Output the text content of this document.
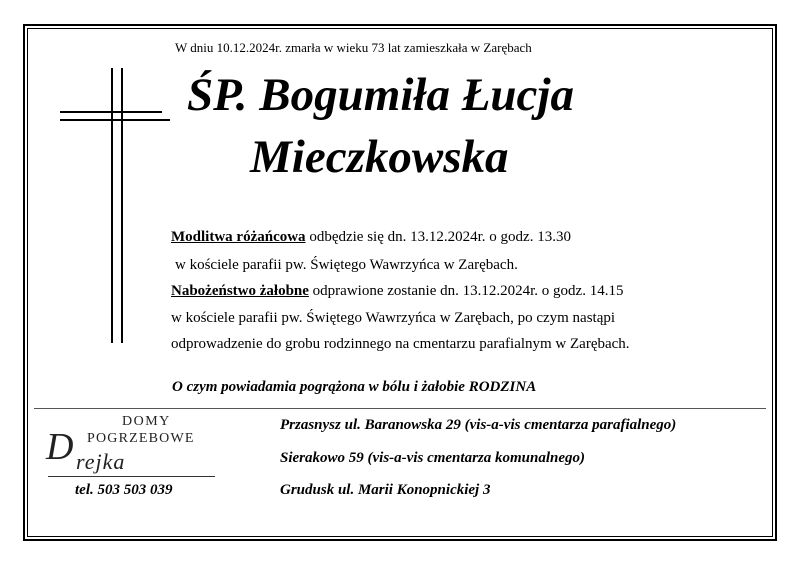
W dniu 10.12.2024r. zmarła w wieku 73 lat zamieszkała w Zarębach
ŚP. Bogumiła Łucja
Mieczkowska
Modlitwa różańcowa odbędzie się dn. 13.12.2024r. o godz. 13.30
w kościele parafii pw. Świętego Wawrzyńca w Zarębach.
Nabożeństwo żałobne odprawione zostanie dn. 13.12.2024r. o godz. 14.15
w kościele parafii pw. Świętego Wawrzyńca w Zarębach, po czym nastąpi
odprowadzenie do grobu rodzinnego na cmentarzu parafialnym w Zarębach.
O czym powiadamia pogrążona w bólu i żałobie RODZINA
DOMY
POGRZEBOWE
D rejka
tel. 503 503 039
Przasnysz ul. Baranowska 29 (vis-a-vis cmentarza parafialnego)
Sierakowo 59 (vis-a-vis cmentarza komunalnego)
Grudusk ul. Marii Konopnickiej 3
